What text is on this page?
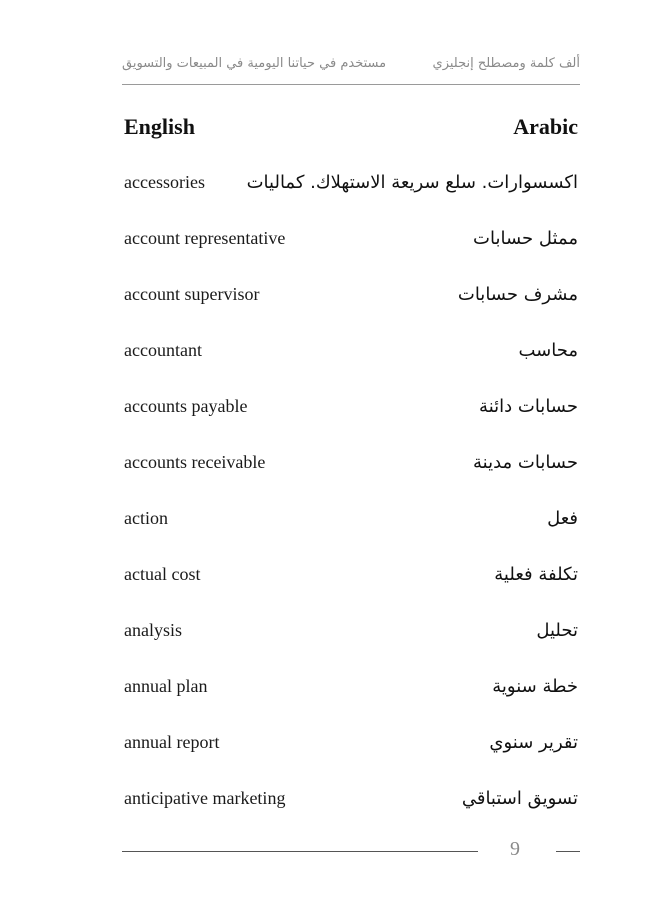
ألف كلمة ومصطلح إنجليزي
مستخدم في حياتنا اليومية في المبيعات والتسويق
English	Arabic
accessories اكسسوارات. سلع سريعة الاستهلاك. كماليات
account representative	ممثل حسابات
account supervisor	مشرف حسابات
accountant	محاسب
accounts payable	حسابات دائنة
accounts receivable	حسابات مدينة
action	فعل
actual cost	تكلفة فعلية
analysis	تحليل
annual plan	خطة سنوية
annual report	تقرير سنوي
anticipative marketing	تسويق استباقي
9
